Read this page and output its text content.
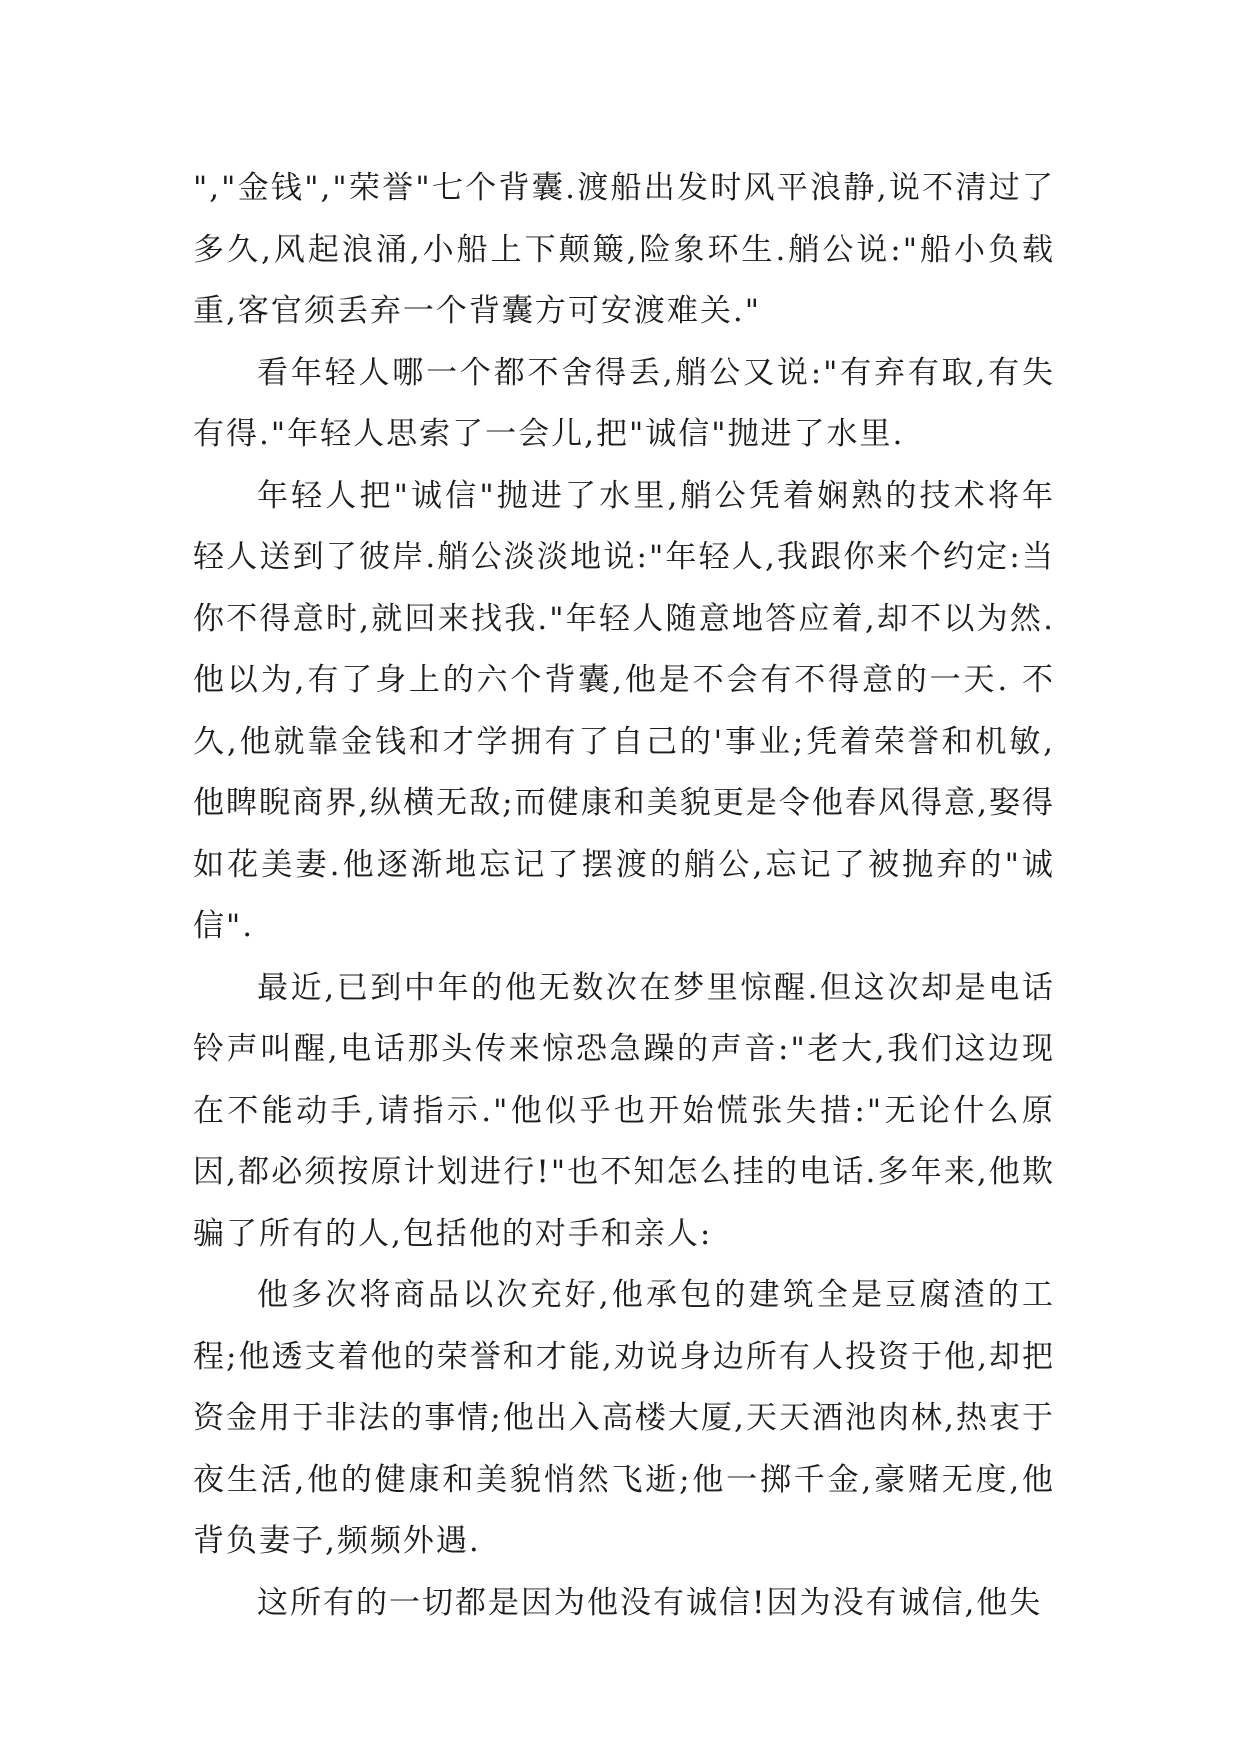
","金钱","荣誉"七个背囊.渡船出发时风平浪静,说不清过了多久,风起浪涌,小船上下颠簸,险象环生.艄公说:"船小负载重,客官须丢弃一个背囊方可安渡难关."

看年轻人哪一个都不舍得丢,艄公又说:"有弃有取,有失有得."年轻人思索了一会儿,把"诚信"抛进了水里.

年轻人把"诚信"抛进了水里,艄公凭着娴熟的技术将年轻人送到了彼岸.艄公淡淡地说:"年轻人,我跟你来个约定:当你不得意时,就回来找我."年轻人随意地答应着,却不以为然.他以为,有了身上的六个背囊,他是不会有不得意的一天. 不久,他就靠金钱和才学拥有了自己的'事业;凭着荣誉和机敏,他睥睨商界,纵横无敌;而健康和美貌更是令他春风得意,娶得如花美妻.他逐渐地忘记了摆渡的艄公,忘记了被抛弃的"诚信".

最近,已到中年的他无数次在梦里惊醒.但这次却是电话铃声叫醒,电话那头传来惊恐急躁的声音:"老大,我们这边现在不能动手,请指示."他似乎也开始慌张失措:"无论什么原因,都必须按原计划进行!"也不知怎么挂的电话.多年来,他欺骗了所有的人,包括他的对手和亲人:

他多次将商品以次充好,他承包的建筑全是豆腐渣的工程;他透支着他的荣誉和才能,劝说身边所有人投资于他,却把资金用于非法的事情;他出入高楼大厦,天天酒池肉林,热衷于夜生活,他的健康和美貌悄然飞逝;他一掷千金,豪赌无度,他背负妻子,频频外遇.

这所有的一切都是因为他没有诚信!因为没有诚信,他失
